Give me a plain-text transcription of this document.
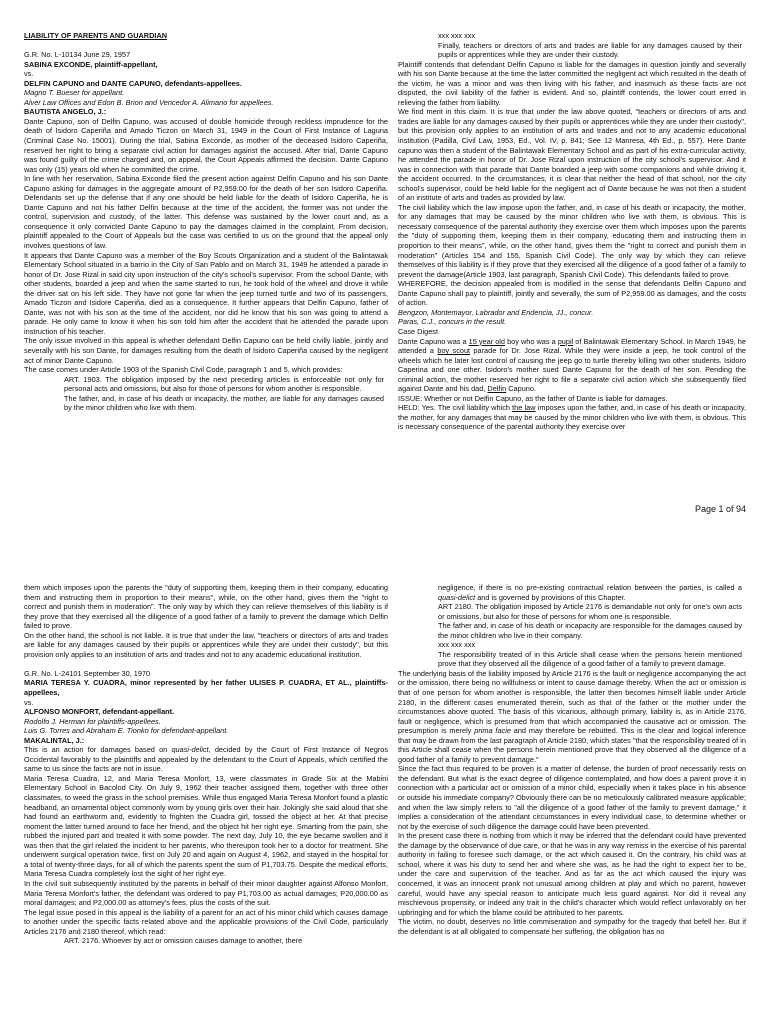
Page 1 of 94

LIABILITY OF PARENTS AND GUARDIAN

G.R. No. L-10134 June 29, 1957

SABINA EXCONDE, plaintiff-appellant,

vs.

DELFIN CAPUNO and DANTE CAPUNO, defendants-appellees.

Magno T. Bueser for appellant.

Alver Law Offices and Edon B. Brion and Vencedor A. Alimario for appellees.

BAUTISTA ANGELO, J.:

Dante Capuno, son of Delfin Capuno, was accused of double homicide through reckless imprudence for the death of Isidoro Caperiña and Amado Ticzon on March 31, 1949 in the Court of First Instance of Laguna (Criminal Case No. 15001). During the trial, Sabina Exconde, as mother of the deceased Isidoro Caperiña, reserved her right to bring a separate civil action for damages against the accused. After trial, Dante Capuno was found guilty of the crime charged and, on appeal, the Court Appeals affirmed the decision. Dante Capuno was only (15) years old when he committed the crime.

In line with her reservation, Sabina Exconde filed the present action against Delfin Capuno and his son Dante Capuno asking for damages in the aggregate amount of P2,959.00 for the death of her son Isidoro Caperiña. Defendants set up the defense that if any one should be held liable for the death of Isidoro Caperiña, he is Dante Capuno and not his father Delfin because at the time of the accident, the former was not under the control, supervision and custody, of the latter. This defense was sustained by the lower court and, as a consequence it only convicted Dante Capuno to pay the damages claimed in the complaint. From decision, plaintiff appealed to the Court of Appeals but the case was certified to us on the ground that the appeal only involves questions of law.

It appears that Dante Capuno was a member of the Boy Scouts Organization and a student of the Balintawak Elementary School situated in a barrio in the City of San Pablo and on March 31, 1949 he attended a parade in honor of Dr. Jose Rizal in said city upon instruction of the city's school's supervisor. From the school Dante, with other students, boarded a jeep and when the same started to run, he took hold of the wheel and drove it while the driver sat on his left side. They have not gone far when the jeep turned turtle and two of its passengers, Amado Ticzon and Isidore Caperiña, died as a consequence. It further appears that Delfin Capuno, father of Dante, was not with his son at the time of the accident, nor did he know that his son was going to attend a parade. He only came to know it when his son told him after the accident that he attended the parade upon instruction of his teacher.

The only issue involved in this appeal is whether defendant Delfin Capuno can be held civilly liable, jointly and severally with his son Dante, for damages resulting from the death of Isidoro Caperiña caused by the negligent act of minor Dante Capuno.

The case comes under Article 1903 of the Spanish Civil Code, paragraph 1 and 5, which provides:

ART. 1903. The obligation imposed by the next preceding articles is enforceable not only for personal acts and omissions, but also for those of persons for whom another is responsible.

The father, and, in case of his death or incapacity, the mother, are liable for any damages caused by the minor children who live with them.

xxx xxx xxx

Finally, teachers or directors of arts and trades are liable for any damages caused by their pupils or apprentices while they are under their custody.

Plaintiff contends that defendant Delfin Capuno is liable for the damages in question jointly and severally with his son Dante because at the time the latter committed the negligent act which resulted in the death of the victim, he was a minor and was then living with his father, and inasmuch as these facts are not disputed, the civil liability of the father is evident. And so, plaintiff contends, the lower court erred in relieving the father from liability.

We find merit in this claim. It is true that under the law above quoted, "teachers or directors of arts and trades are liable for any damages caused by their pupils or apprentices while they are under their custody", but this provision only applies to an institution of arts and trades and not to any academic educational institution (Padilla, Civil Law, 1953, Ed., Vol. IV, p. 841; See 12 Manresa, 4th Ed., p. 557). Here Dante capuno was then a student of the Balintawak Elementary School and as part of his extra-curricular activity, he attended the parade in honor of Dr. Jose Rizal upon instruction of the city school's supervisor. And it was in connection with that parade that Dante boarded a jeep with some companions and while driving it, the accident occurred. In the circumstances, it is clear that neither the head of that school, nor the city school's supervisor, could be held liable for the negligent act of Dante because he was not then a student of an institute of arts and trades as provided by law.

The civil liability which the law impose upon the father, and, in case of his death or incapacity, the mother, for any damages that may be caused by the minor children who live with them, is obvious. This is necessary consequence of the parental authority they exercise over them which imposes upon the parents the "duty of supporting them, keeping them in their company, educating them and instructing them in proportion to their means", while, on the other hand, gives them the "right to correct and punish them in moderation" (Articles 154 and 155, Spanish Civil Code). The only way by which they can relieve themselves of this liability is if they prove that they exercised all the diligence of a good father of a family to prevent the damage(Article 1903, last paragraph, Spanish Civil Code). This defendants failed to prove.

WHEREFORE, the decision appealed from is modified in the sense that defendants Delfin Capuno and Dante Capuno shall pay to plaintiff, jointly and severally, the sum of P2,959.00 as damages, and the costs of action.

Bengzon, Montemayor, Labrador and Endencia, JJ., concur.

Paras, C.J., concurs in the result.

Case Digest

Dante Capuno was a 15 year old boy who was a pupil of Balintawak Elementary School. In March 1949, he attended a boy scout parade for Dr. Jose Rizal. While they were inside a jeep, he took control of the wheels which he later lost control of causing the jeep go to turtle thereby killing two other students. Isidoro Caperina and one other. Isidoro's mother sued Dante Capuno for the death of her son. Pending the criminal action, the mother reserved her right to file a separate civil action which she subsequently filed against Dante and his dad, Delfin Capuno.

ISSUE: Whether or not Delfin Capuno, as the father of Dante is liable for damages.

HELD: Yes. The civil liability which the law imposes upon the father, and, in case of his death or incapacity, the mother, for any damages that may be caused by the minor children who live with them, is obvious. This is necessary consequence of the parental authority they exercise over

them which imposes upon the parents the "duty of supporting them, keeping them in their company, educating them and instructing them in proportion to their means", while, on the other hand, gives them the "right to correct and punish them in moderation". The only way by which they can relieve themselves of this liability is if they prove that they exercised all the diligence of a good father of a family to prevent the damage which Delfin failed to prove.

On the other hand, the school is not liable. It is true that under the law, "teachers or directors of arts and trades are liable for any damages caused by their pupils or apprentices while they are under their custody", but this provision only applies to an institution of arts and trades and not to any academic educational institution.

G.R. No. L-24101 September 30, 1970

MARIA TERESA Y. CUADRA, minor represented by her father ULISES P. CUADRA, ET AL., plaintiffs-appellees,

vs.

ALFONSO MONFORT, defendant-appellant.

Rodolfo J. Herman for plaintiffs-appellees.

Luis G. Torres and Abraham E. Tionko for defendant-appellant.

MAKALINTAL, J.:

This is an action for damages based on quasi-delict, decided by the Court of First Instance of Negros Occidental favorably to the plaintiffs and appealed by the defendant to the Court of Appeals, which certified the same to us since the facts are not in issue.

Maria Teresa Cuadra, 12, and Maria Teresa Monfort, 13, were classmates in Grade Six at the Mabini Elementary School in Bacolod City. On July 9, 1962 their teacher assigned them, together with three other classmates, to weed the grass in the school premises. While thus engaged Maria Teresa Monfort found a plastic headband, an ornamental object commonly worn by young girls over their hair. Jokingly she said aloud that she had found an earthworm and, evidently to frighten the Cuadra girl, tossed the object at her. At that precise moment the latter turned around to face her friend, and the object hit her right eye. Smarting from the pain, she rubbed the injured part and treated it with some powder. The next day, July 10, the eye became swollen and it was then that the girl related the incident to her parents, who thereupon took her to a doctor for treatment. She underwent surgical operation twice, first on July 20 and again on August 4, 1962, and stayed in the hospital for a total of twenty-three days, for all of which the parents spent the sum of P1,703.75. Despite the medical efforts, Maria Teresa Cuadra completely lost the sight of her right eye.

In the civil suit subsequently instituted by the parents in behalf of their minor daughter against Alfonso Monfort, Maria Teresa Monfort's father, the defendant was ordered to pay P1,703.00 as actual damages; P20,000.00 as moral damages; and P2,000.00 as attorney's fees, plus the costs of the suit.

The legal issue posed in this appeal is the liability of a parent for an act of his minor child which causes damage to another under the specific facts related above and the applicable provisions of the Civil Code, particularly Articles 2176 and 2180 thereof, which read:

ART. 2176. Whoever by act or omission causes damage to another, there

negligence, if there is no pre-existing contractual relation between the parties, is called a quasi-delict and is governed by provisions of this Chapter.

ART 2180. The obligation imposed by Article 2176 is demandable not only for one's own acts or omissions, but also for those of persons for whom one is responsible.

The father and, in case of his death or incapacity are responsible for the damages caused by the minor children who live in their company.

xxx xxx xxx

The responsibility treated of in this Article shall cease when the persons herein mentioned prove that they observed all the diligence of a good father of a family to prevent damage.

The underlying basis of the liability imposed by Article 2176 is the fault or negligence accompanying the act or the omission, there being no willfulness or intent to cause damage thereby. When the act or omission is that of one person for whom another is responsible, the latter then becomes himself liable under Article 2180, in the different cases enumerated therein, such as that of the father or the mother under the circumstances above quoted. The basis of this vicarious, although primary, liability is, as in Article 2176, fault or negligence, which is presumed from that which accompanied the causative act or omission. The presumption is merely prima facie and may therefore be rebutted. This is the clear and logical inference that may be drawn from the last paragraph of Article 2180, which states "that the responsibility treated of in this Article shall cease when the persons herein mentioned prove that they observed all the diligence of a good father of a family to prevent damage."

Since the fact thus required to be proven is a matter of defense, the burden of proof necessarily rests on the defendant. But what is the exact degree of diligence contemplated, and how does a parent prove it in connection with a particular act or omission of a minor child, especially when it takes place in his absence or outside his immediate company? Obviously there can be no meticulously calibrated measure applicable; and when the law simply refers to "all the diligence of a good father of the family to prevent damage," it implies a consideration of the attendant circumstances in every individual case, to determine whether or not by the exercise of such diligence the damage could have been prevented.

In the present case there is nothing from which it may be inferred that the defendant could have prevented the damage by the observance of due care, or that he was in any way remiss in the exercise of his parental authority in failing to foresee such damage, or the act which caused it. On the contrary, his child was at school, where it was his duty to send her and where she was, as he had the right to expect her to be, under the care and supervision of the teacher. And as far as the act which caused the injury was concerned, it was an innocent prank not unusual among children at play and which no parent, however careful, would have any special reason to anticipate much less guard against. Nor did it reveal any mischievous propensity, or indeed any trait in the child's character which would reflect unfavorably on her upbringing and for which the blame could be attributed to her parents.

The victim, no doubt, deserves no little commiseration and sympathy for the tragedy that befell her. But if the defendant is at all obligated to compensate her suffering, the obligation has no
